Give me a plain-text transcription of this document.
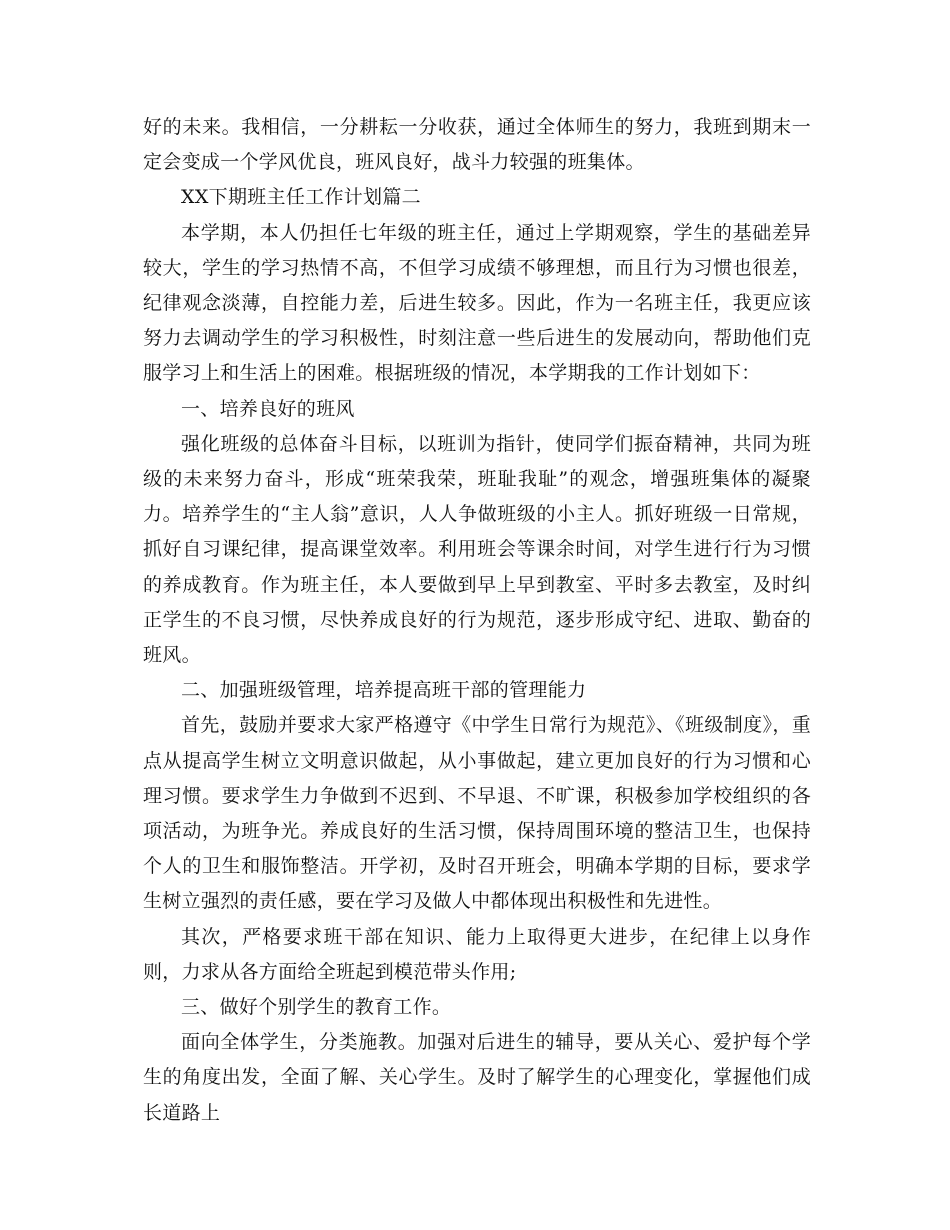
好的未来。我相信，一分耕耘一分收获，通过全体师生的努力，我班到期末一定会变成一个学风优良，班风良好，战斗力较强的班集体。

XX下期班主任工作计划篇二

本学期，本人仍担任七年级的班主任，通过上学期观察，学生的基础差异较大，学生的学习热情不高，不但学习成绩不够理想，而且行为习惯也很差，纪律观念淡薄，自控能力差，后进生较多。因此，作为一名班主任，我更应该努力去调动学生的学习积极性，时刻注意一些后进生的发展动向，帮助他们克服学习上和生活上的困难。根据班级的情况，本学期我的工作计划如下：

一、培养良好的班风

强化班级的总体奋斗目标，以班训为指针，使同学们振奋精神，共同为班级的未来努力奋斗，形成“班荣我荣，班耻我耻”的观念，增强班集体的凝聚力。培养学生的“主人翁”意识，人人争做班级的小主人。抓好班级一日常规，抓好自习课纪律，提高课堂效率。利用班会等课余时间，对学生进行行为习惯的养成教育。作为班主任，本人要做到早上早到教室、平时多去教室，及时纠正学生的不良习惯，尽快养成良好的行为规范，逐步形成守纪、进取、勤奋的班风。

二、加强班级管理，培养提高班干部的管理能力

首先，鼓励并要求大家严格遵守《中学生日常行为规范》、《班级制度》，重点从提高学生树立文明意识做起，从小事做起，建立更加良好的行为习惯和心理习惯。要求学生力争做到不迟到、不早退、不旷课，积极参加学校组织的各项活动，为班争光。养成良好的生活习惯，保持周围环境的整洁卫生，也保持个人的卫生和服饰整洁。开学初，及时召开班会，明确本学期的目标，要求学生树立强烈的责任感，要在学习及做人中都体现出积极性和先进性。

其次，严格要求班干部在知识、能力上取得更大进步，在纪律上以身作则，力求从各方面给全班起到模范带头作用;

三、做好个别学生的教育工作。

面向全体学生，分类施教。加强对后进生的辅导，要从关心、爱护每个学生的角度出发，全面了解、关心学生。及时了解学生的心理变化，掌握他们成长道路上
